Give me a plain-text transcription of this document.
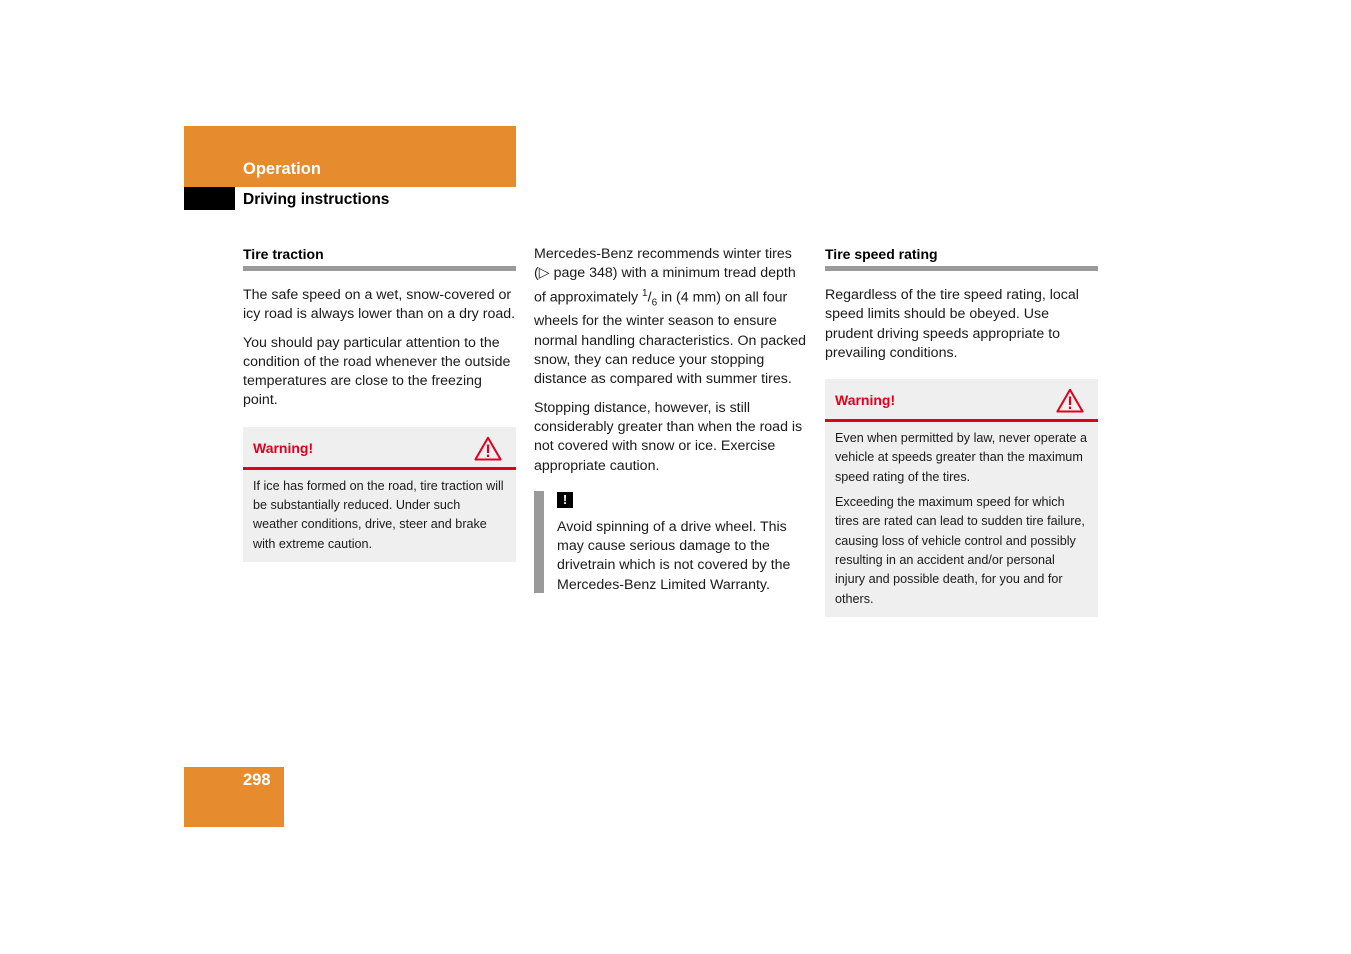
Operation
Driving instructions
Tire traction

The safe speed on a wet, snow-covered or icy road is always lower than on a dry road.

You should pay particular attention to the condition of the road whenever the outside temperatures are close to the freezing point.

Warning!

If ice has formed on the road, tire traction will be substantially reduced. Under such weather conditions, drive, steer and brake with extreme caution.

Mercedes-Benz recommends winter tires (▷ page 348) with a minimum tread depth of approximately $^1/_6$ in (4 mm) on all four wheels for the winter season to ensure normal handling characteristics. On packed snow, they can reduce your stopping distance as compared with summer tires.

Stopping distance, however, is still considerably greater than when the road is not covered with snow or ice. Exercise appropriate caution.

!

Avoid spinning of a drive wheel. This may cause serious damage to the drivetrain which is not covered by the Mercedes-Benz Limited Warranty.

Tire speed rating

Regardless of the tire speed rating, local speed limits should be obeyed. Use prudent driving speeds appropriate to prevailing conditions.

Warning!

Even when permitted by law, never operate a vehicle at speeds greater than the maximum speed rating of the tires.

Exceeding the maximum speed for which tires are rated can lead to sudden tire failure, causing loss of vehicle control and possibly resulting in an accident and/or personal injury and possible death, for you and for others.

298
